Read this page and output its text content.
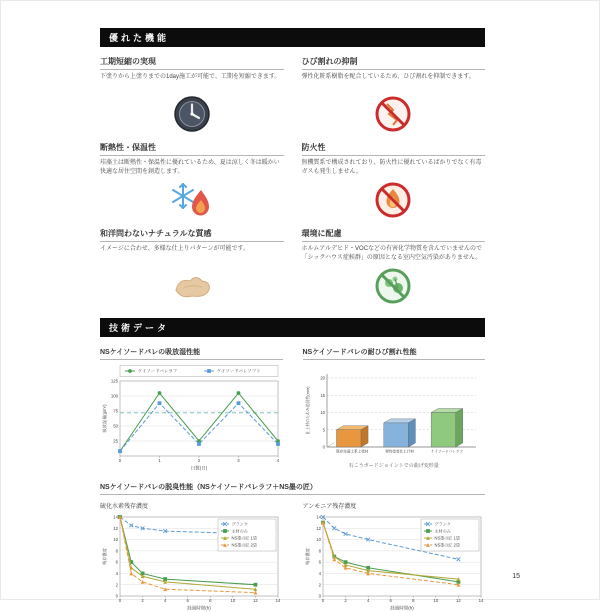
優れた機能
工期短縮の実現
下塗りから上塗りまでの1day施工が可能で、工期を短縮できます。
ひび割れの抑制
弾性化粧系樹脂を配合しているため、ひび割れを抑制できます。
断熱性・保温性
珪藻土は断熱性・保温性に優れているため、夏は涼しく冬は暖かい快適な居住空間を創造します。
防火性
無機質系で構成されており、防火性に優れているばかりでなく有毒ガスも発生しません。
和洋問わないナチュラルな質感
イメージに合わせ、多様な仕上りパターンが可能です。
環境に配慮
ホルムアルデヒド・VOCなどの有害化学物質を含んでいませんので「シックハウス症候群」の原因となる室内空気汚染がありません。
技術データ
NSケイソードバレの吸放湿性能
25
50
75
100
125
0	1	2	3	4
日数(日)
吸放湿量(g/m²)
ケイソードバレラフ	ケイソードバレソフト
NSケイソードバレの耐ひび割れ性能
0
5
10
15
20
仕上材のたわみ追従性(mm)
既存珪藻土系上塗材	弾性塗装仕上げ材	ケイソードバレラフ
石こうボードジョイントでの曲げ変形量
NSケイソードバレの脱臭性能（NSケイソードバレラフ＋NS墨の匠）
硫化水素残存濃度
0
2
4
6
8
10
12
14
0	2	4	6	8	10	12	14
経過時間(h)
残存濃度
ブランク
主材のみ
NS墨の匠 1袋
NS墨の匠 2袋
アンモニア残存濃度
0
2
4
6
8
10
12
14
0	2	4	6	8	10	12	14
経過時間(h)
残存濃度
ブランク
主材のみ
NS墨の匠 1袋
NS墨の匠 2袋
15
